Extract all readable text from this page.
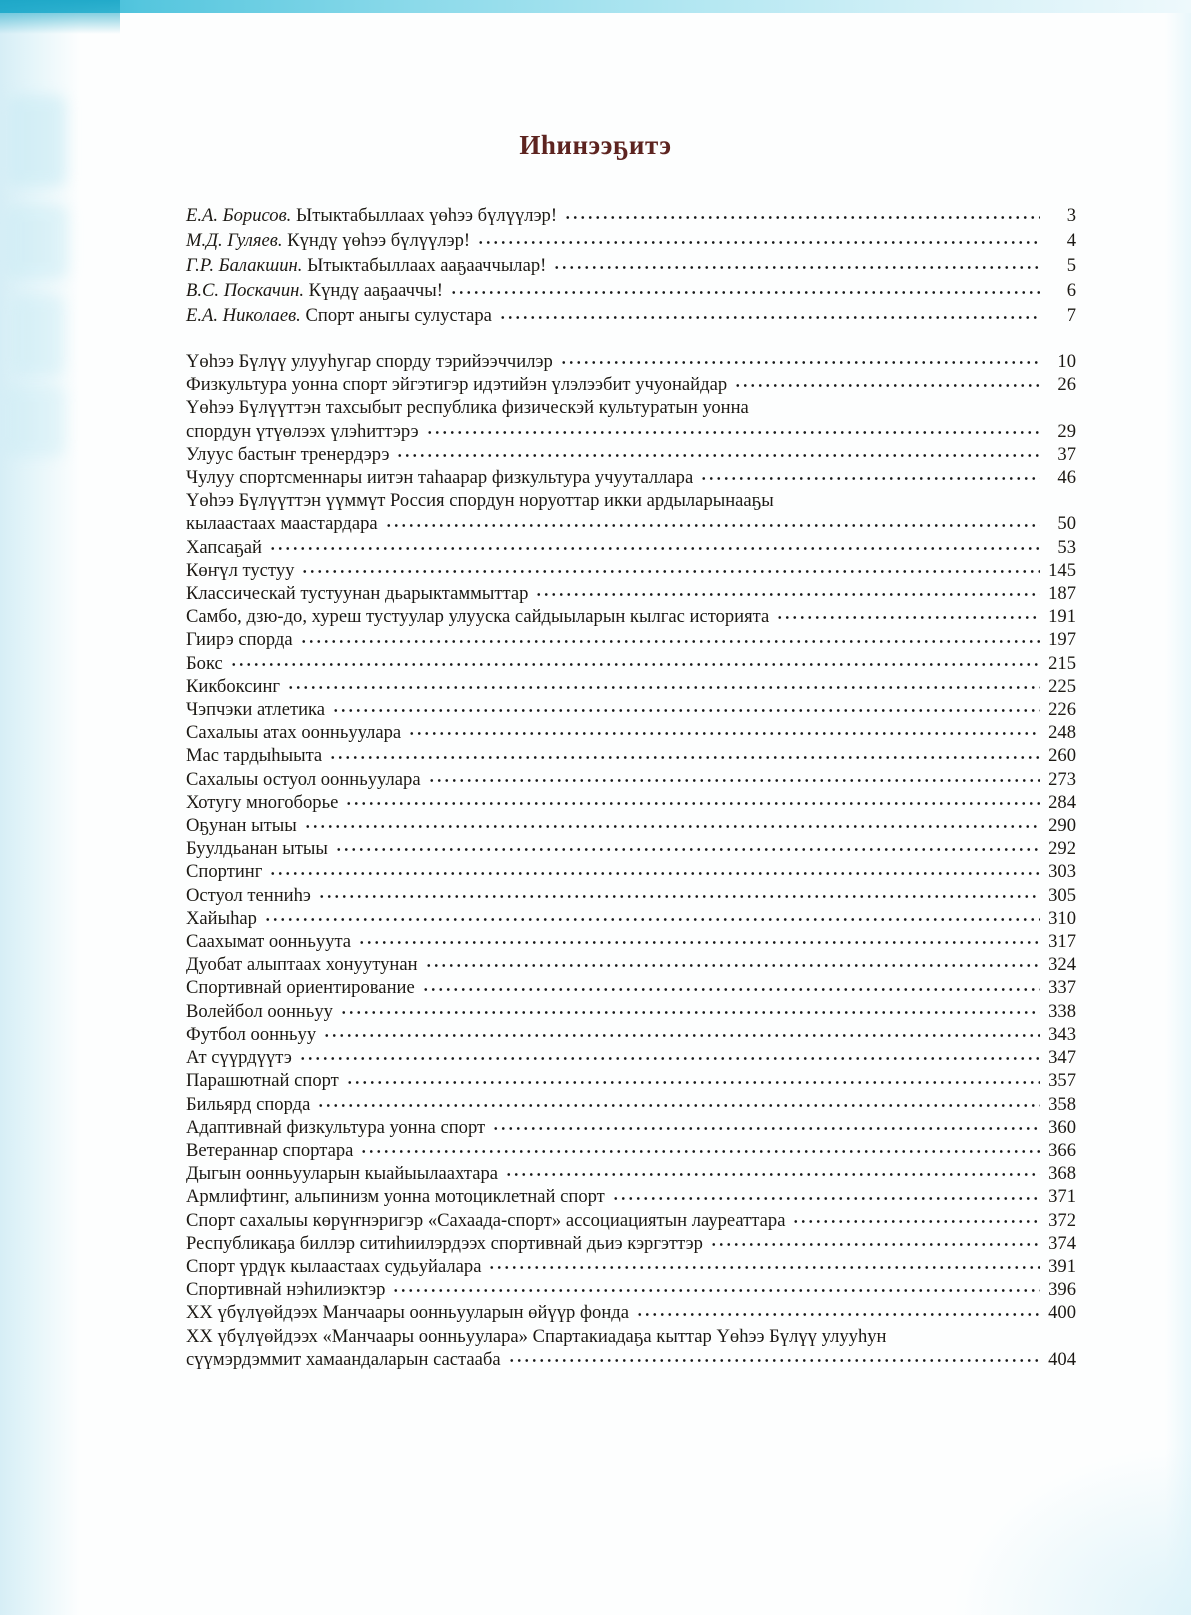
Иһинээҕитэ
Е.А. Борисов. Ытыктабыллаах үөһээ бүлүүлэр!	3
М.Д. Гуляев. Күндү үөһээ бүлүүлэр!	4
Г.Р. Балакшин. Ытыктабыллаах ааҕааччылар!	5
В.С. Поскачин. Күндү ааҕааччы!	6
Е.А. Николаев. Спорт аныгы сулустара	7
Үөһээ Бүлүү улууһугар спорду тэрийээччилэр	10
Физкультура уонна спорт эйгэтигэр идэтийэн үлэлээбит учуонайдар	26
Үөһээ Бүлүүттэн тахсыбыт республика физическэй культуратын уонна
спордун үтүөлээх үлэһиттэрэ	29
Улуус бастыҥ тренердэрэ	37
Чулуу спортсменнары иитэн таһаарар физкультура учууталлара	46
Үөһээ Бүлүүттэн үүммүт Россия спордун норуоттар икки ардыларынааҕы
кылаастаах маастардара	50
Хапсаҕай	53
Көҥүл тустуу	145
Классическай тустуунан дьарыктаммыттар	187
Самбо, дзю-до, хуреш тустуулар улууска сайдыыларын кылгас историята	191
Гиирэ спорда	197
Бокс	215
Кикбоксинг	225
Чэпчэки атлетика	226
Сахалыы атах оонньуулара	248
Мас тардыһыыта	260
Сахалыы остуол оонньуулара	273
Хотугу многоборье	284
Оҕунан ытыы	290
Буулдьанан ытыы	292
Спортинг	303
Остуол тенниһэ	305
Хайыһар	310
Саахымат оонньуута	317
Дуобат алыптаах хонуутунан	324
Спортивнай ориентирование	337
Волейбол оонньуу	338
Футбол оонньуу	343
Ат сүүрдүүтэ	347
Парашютнай спорт	357
Бильярд спорда	358
Адаптивнай физкультура уонна спорт	360
Ветераннар спортара	366
Дыгын оонньууларын кыайыылаахтара	368
Армлифтинг, альпинизм уонна мотоциклетнай спорт	371
Спорт сахалыы көрүҥнэригэр «Сахаада-спорт» ассоциациятын лауреаттара	372
Республикаҕа биллэр ситиһиилэрдээх спортивнай дьиэ кэргэттэр	374
Спорт үрдүк кылаастаах судьуйалара	391
Спортивнай нэһилиэктэр	396
XX үбүлүөйдээх Манчаары оонньууларын өйүүр фонда	400
XX үбүлүөйдээх «Манчаары оонньуулара» Спартакиадаҕа кыттар Үөһээ Бүлүү улууһун
сүүмэрдэммит хамаандаларын састааба	404
